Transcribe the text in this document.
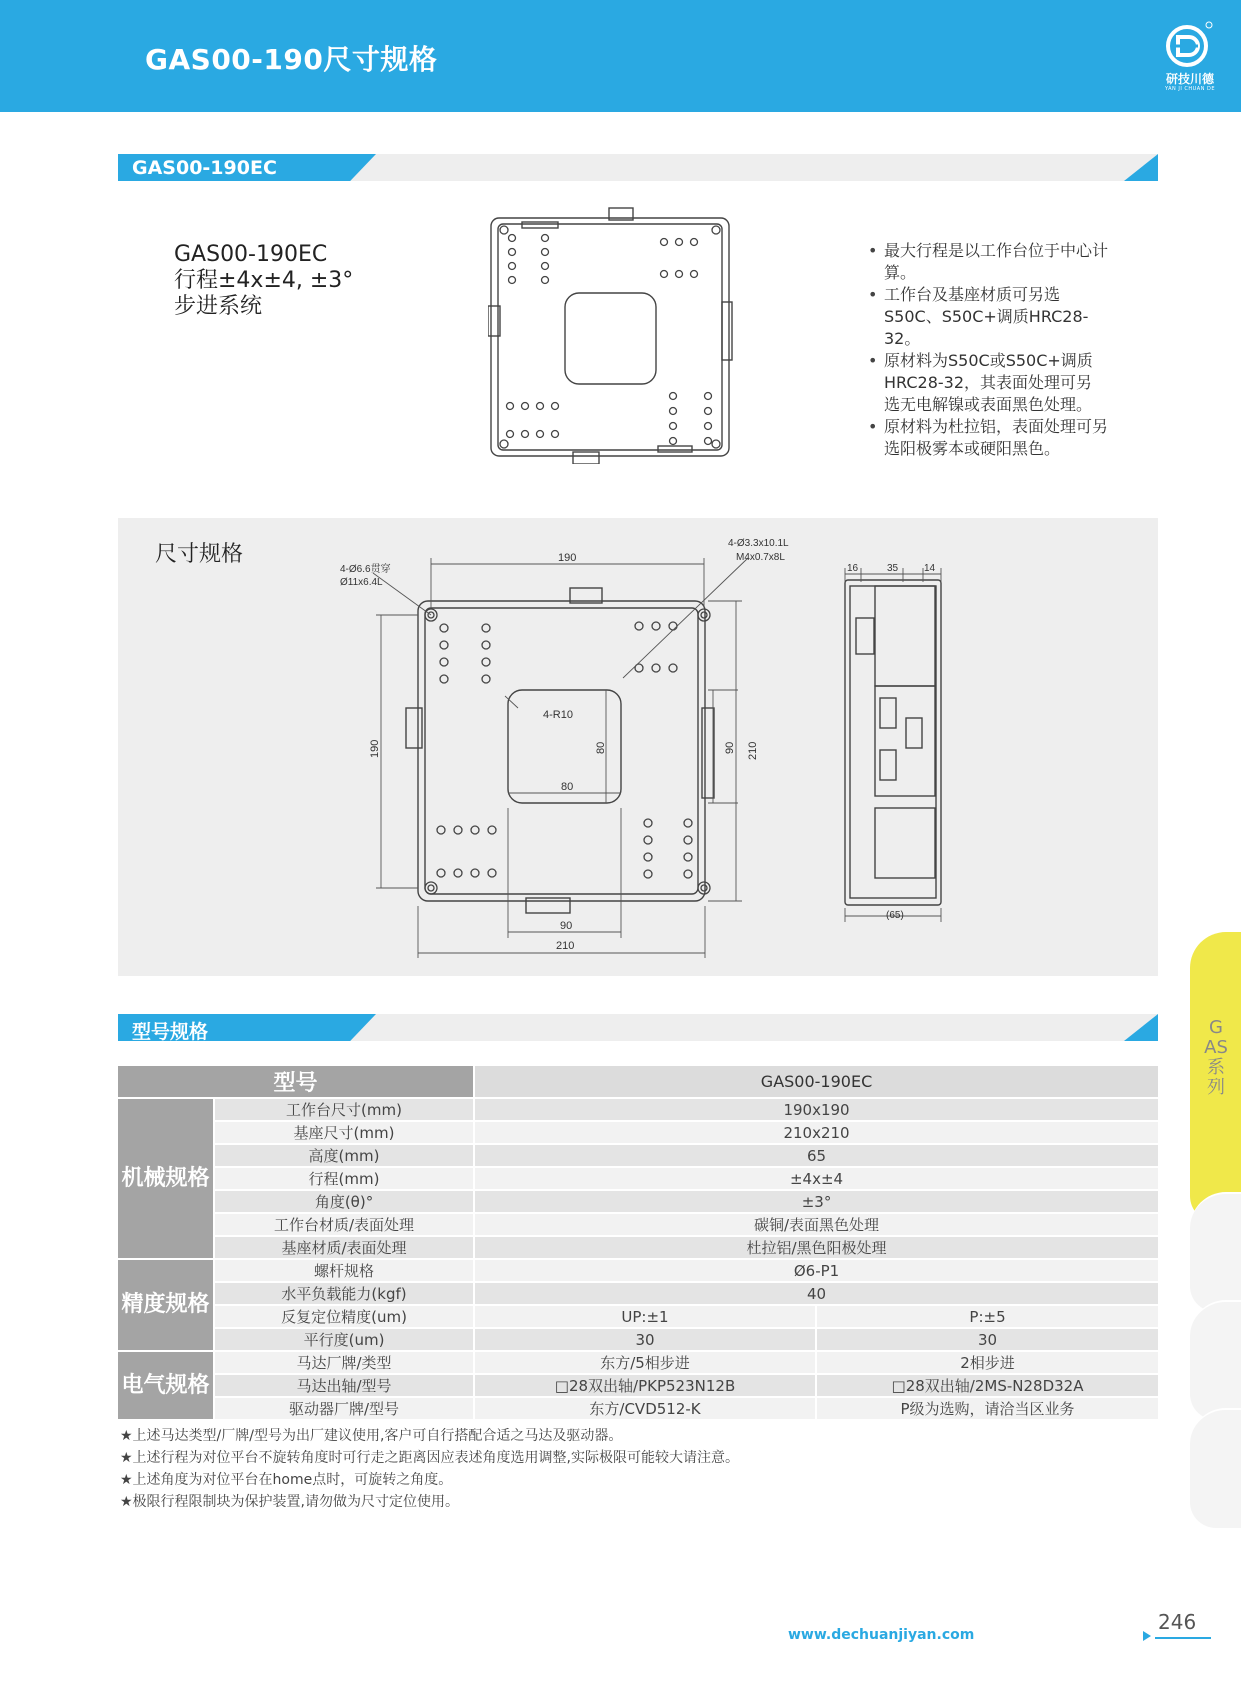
GAS00-190尺寸规格
研技川德
YAN JI CHUAN DE
GAS00-190EC
GAS00-190EC
行程±4x±4, ±3°
步进系统
• 最大行程是以工作台位于中心计算。
• 工作台及基座材质可另选S50C、S50C+调质HRC28-32。
• 原材料为S50C或S50C+调质HRC28-32，其表面处理可另选无电解镍或表面黑色处理。
• 原材料为杜拉铝，表面处理可另选阳极雾本或硬阳黑色。
尺寸规格
4-Ø6.6贯穿
Ø11x6.4L
4-Ø3.3x10.1L
M4x0.7x8L
190
190
4-R10
80
80	90 210
90
210
16	35	14
(65)
型号规格
型号		GAS00-190EC	
机械规格	工作台尺寸(mm)	190x190	
	基座尺寸(mm)	210x210	
	高度(mm)	65	
	行程(mm)	±4x±4	
	角度(θ)°	±3°	
	工作台材质/表面处理	碳铜/表面黑色处理	
	基座材质/表面处理	杜拉铝/黑色阳极处理	
精度规格	螺杆规格	Ø6-P1	
	水平负载能力(kgf)	40	
	反复定位精度(um)	UP:±1	P:±5
	平行度(um)	30	30
电气规格	马达厂牌/类型	东方/5相步进	2相步进
	马达出轴/型号	□28双出轴/PKP523N12B	□28双出轴/2MS-N28D32A
	驱动器厂牌/型号	东方/CVD512-K	P级为选购，请洽当区业务
★上述马达类型/厂牌/型号为出厂建议使用,客户可自行搭配合适之马达及驱动器。
★上述行程为对位平台不旋转角度时可行走之距离因应表述角度选用调整,实际极限可能较大请注意。
★上述角度为对位平台在home点时，可旋转之角度。
★极限行程限制块为保护装置,请勿做为尺寸定位使用。
GAS系列
www.dechuanjiyan.com
246
